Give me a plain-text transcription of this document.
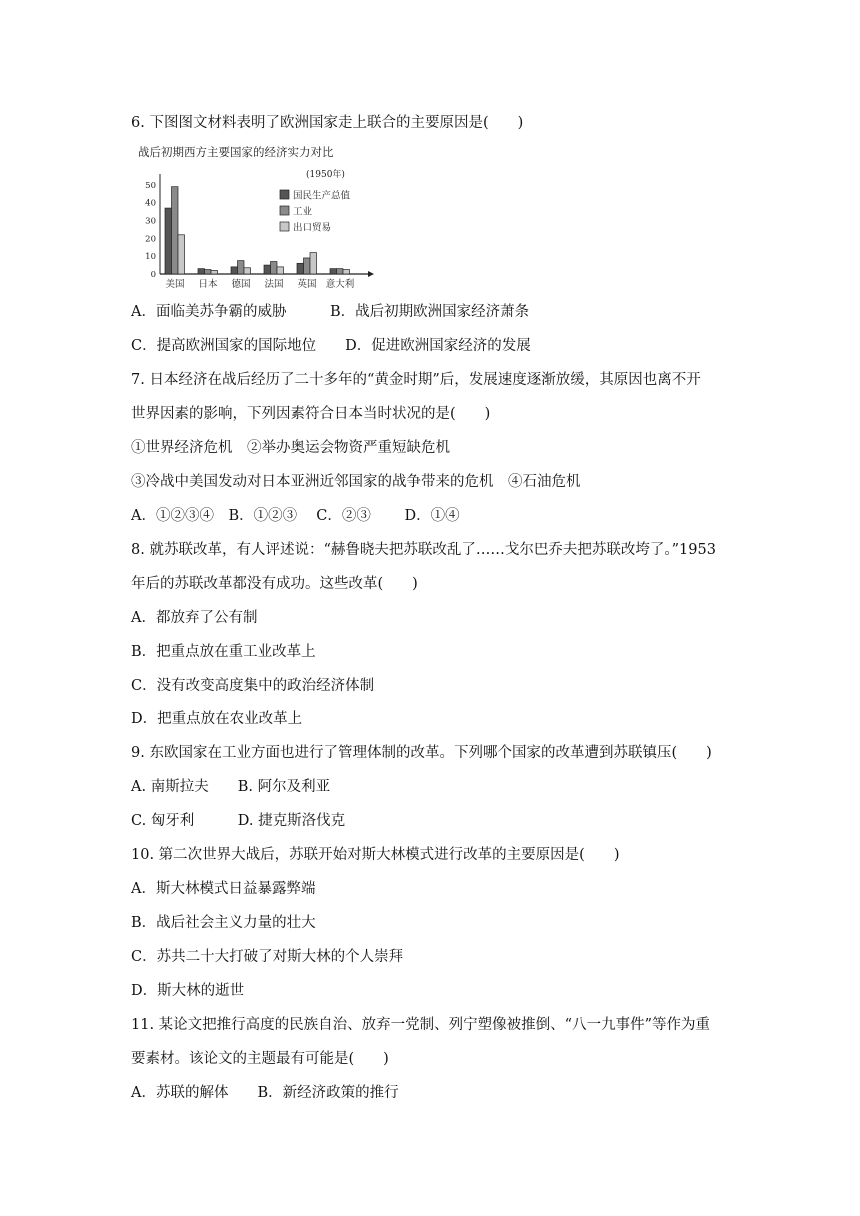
6. 下图图文材料表明了欧洲国家走上联合的主要原因是(　　)
战后初期西方主要国家的经济实力对比
(1950年)
0
10
20
30
40
50
美国 日本 德国 法国 英国 意大利
国民生产总值
工业
出口贸易
A．面临美苏争霸的威胁　　　B．战后初期欧洲国家经济萧条
C．提高欧洲国家的国际地位　　D．促进欧洲国家经济的发展
7. 日本经济在战后经历了二十多年的“黄金时期”后，发展速度逐渐放缓，其原因也离不开
世界因素的影响，下列因素符合日本当时状况的是(　　)
①世界经济危机　②举办奥运会物资严重短缺危机
③冷战中美国发动对日本亚洲近邻国家的战争带来的危机　④石油危机
A．①②③④　B．①②③　 C．②③　　 D．①④
8. 就苏联改革，有人评述说：“赫鲁晓夫把苏联改乱了……戈尔巴乔夫把苏联改垮了。”1953
年后的苏联改革都没有成功。这些改革(　　)
A．都放弃了公有制
B．把重点放在重工业改革上
C．没有改变高度集中的政治经济体制
D．把重点放在农业改革上
9. 东欧国家在工业方面也进行了管理体制的改革。下列哪个国家的改革遭到苏联镇压(　　)
A. 南斯拉夫　　B. 阿尔及利亚
C. 匈牙利　　　D. 捷克斯洛伐克
10. 第二次世界大战后，苏联开始对斯大林模式进行改革的主要原因是(　　)
A．斯大林模式日益暴露弊端
B．战后社会主义力量的壮大
C．苏共二十大打破了对斯大林的个人崇拜
D．斯大林的逝世
11. 某论文把推行高度的民族自治、放弃一党制、列宁塑像被推倒、“八一九事件”等作为重
要素材。该论文的主题最有可能是(　　)
A．苏联的解体　　B．新经济政策的推行
